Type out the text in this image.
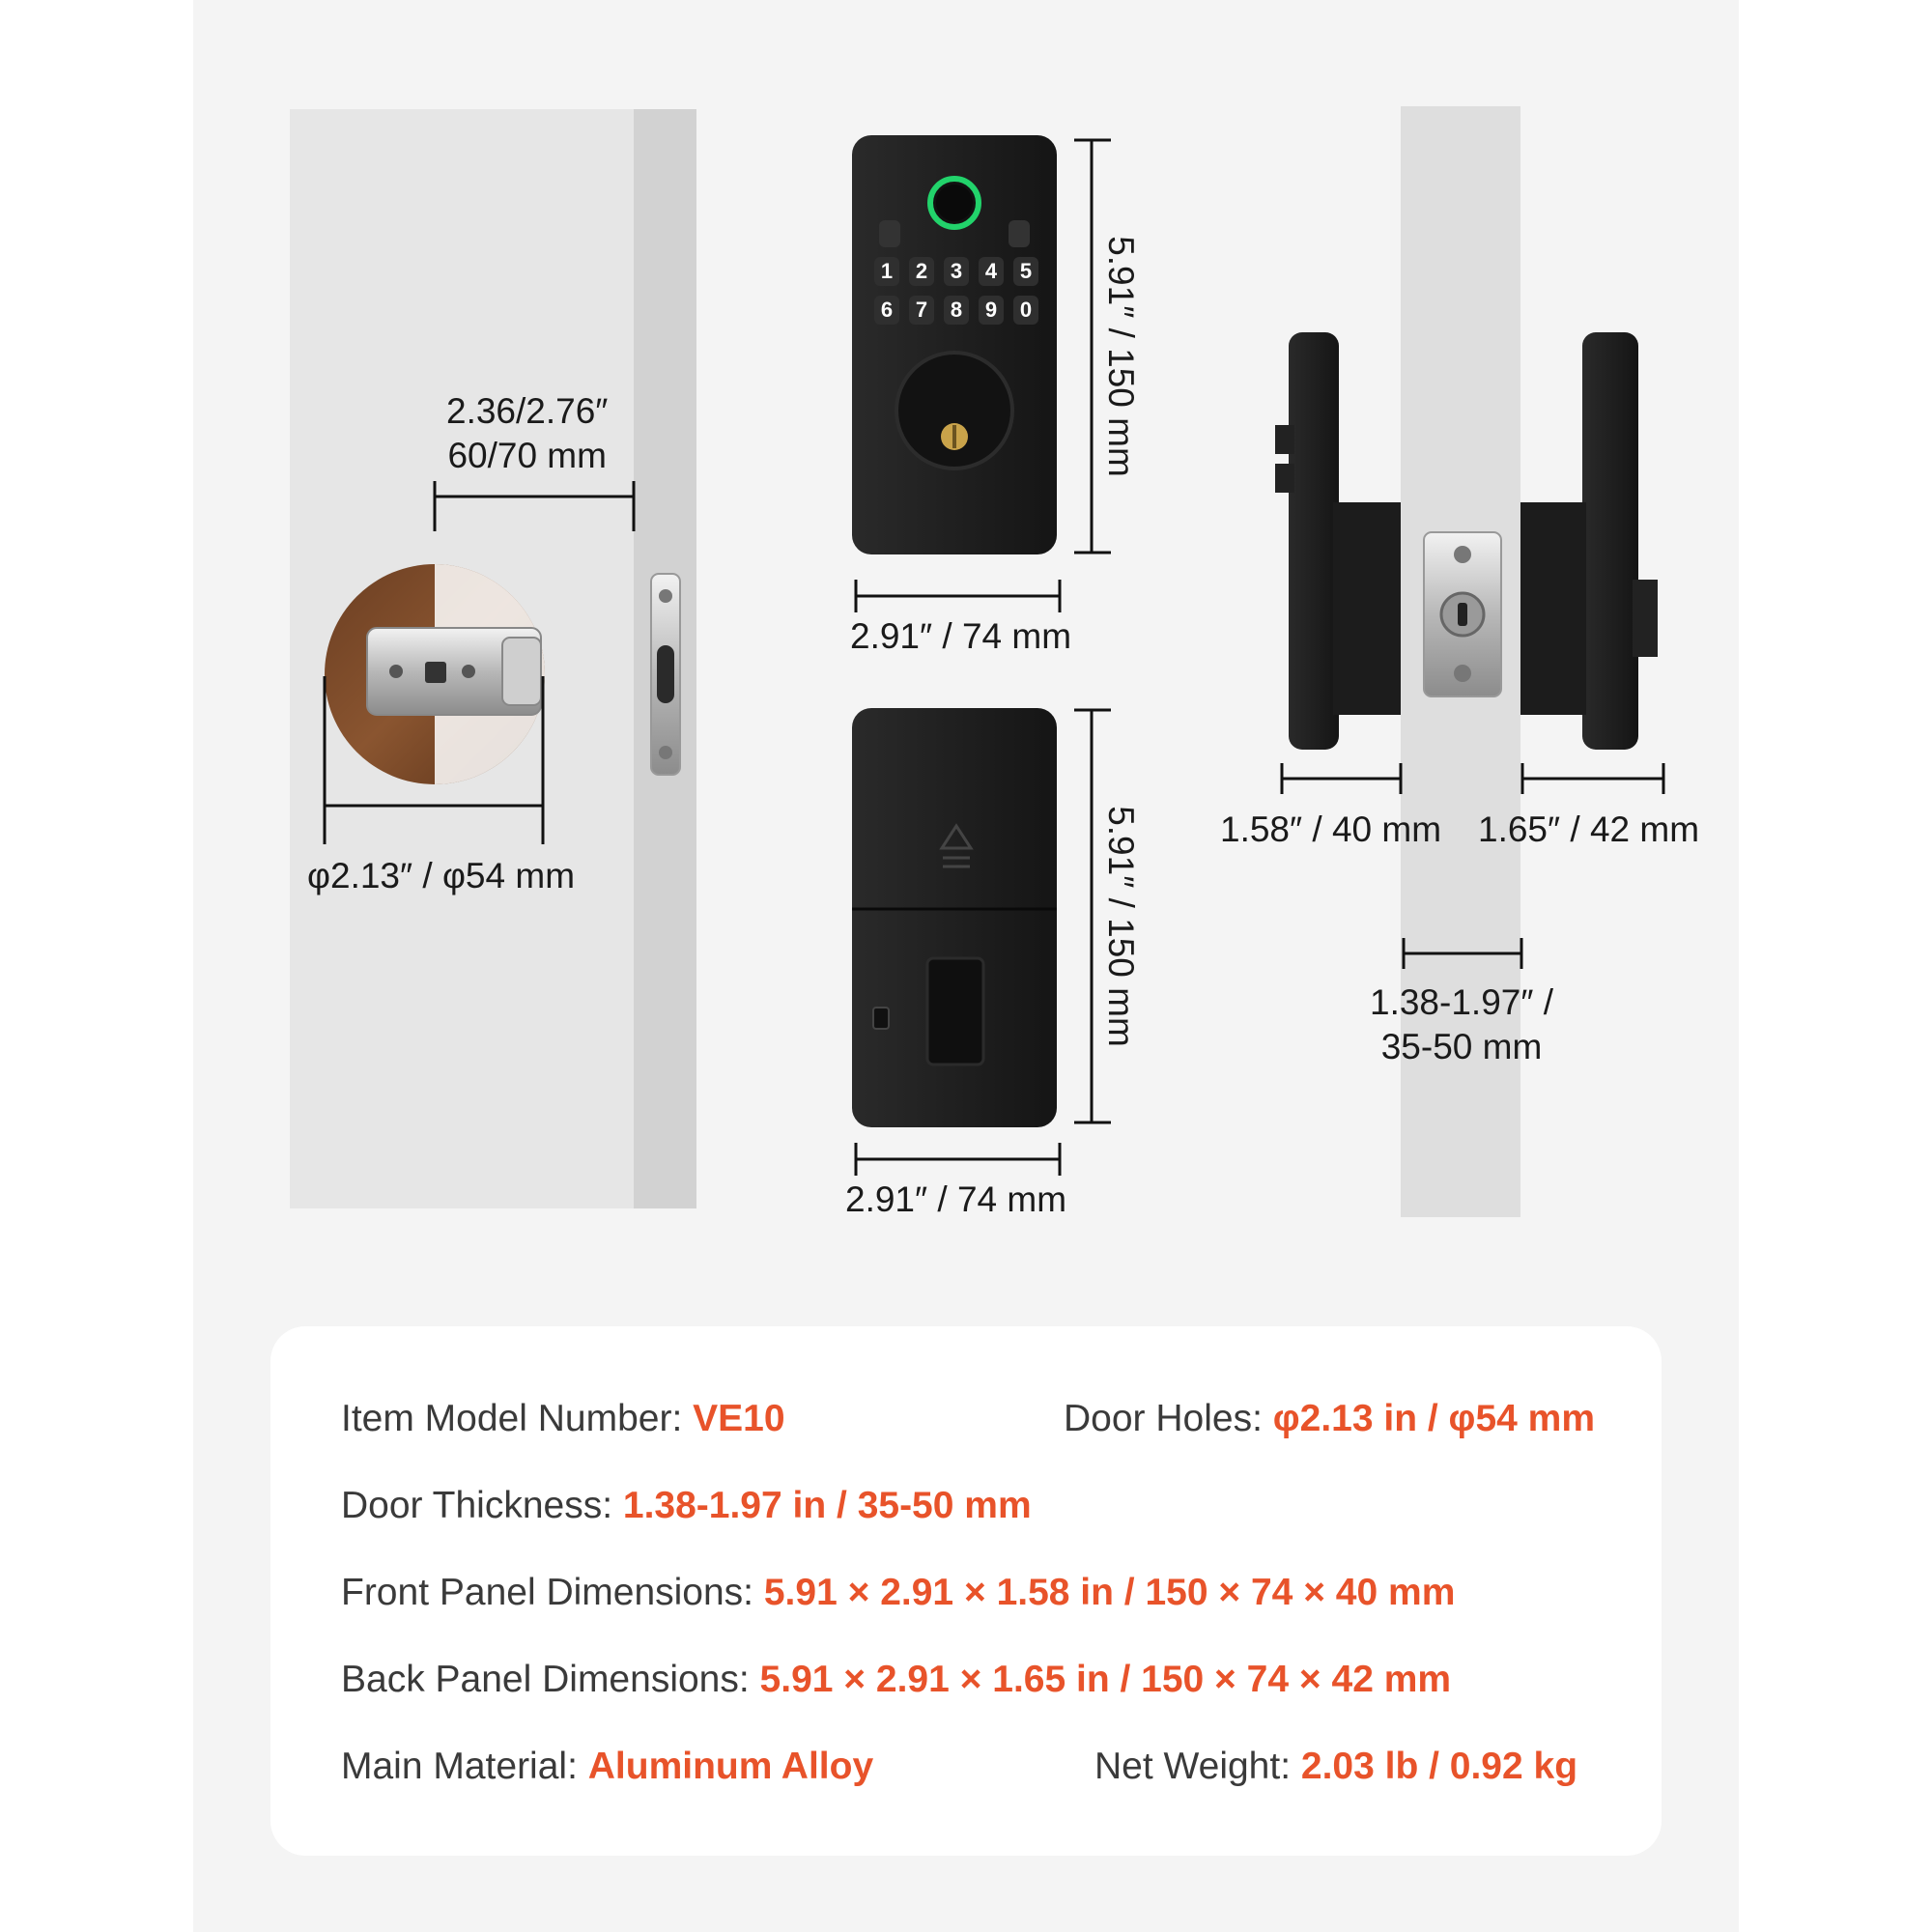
1	2	3	4	5
6	7	8	9	0
2.36/2.76″
60/70 mm
φ2.13″ / φ54 mm
5.91″ / 150 mm
2.91″ / 74 mm
5.91″ / 150 mm
2.91″ / 74 mm
1.58″ / 40 mm 1.65″ / 42 mm
1.38-1.97″ /
35-50 mm
Item Model Number: VE10	Door Holes: φ2.13 in / φ54 mm
Door Thickness: 1.38-1.97 in / 35-50 mm
Front Panel Dimensions: 5.91 × 2.91 × 1.58 in / 150 × 74 × 40 mm
Back Panel Dimensions: 5.91 × 2.91 × 1.65 in / 150 × 74 × 42 mm
Main Material: Aluminum Alloy	Net Weight: 2.03 lb / 0.92 kg
